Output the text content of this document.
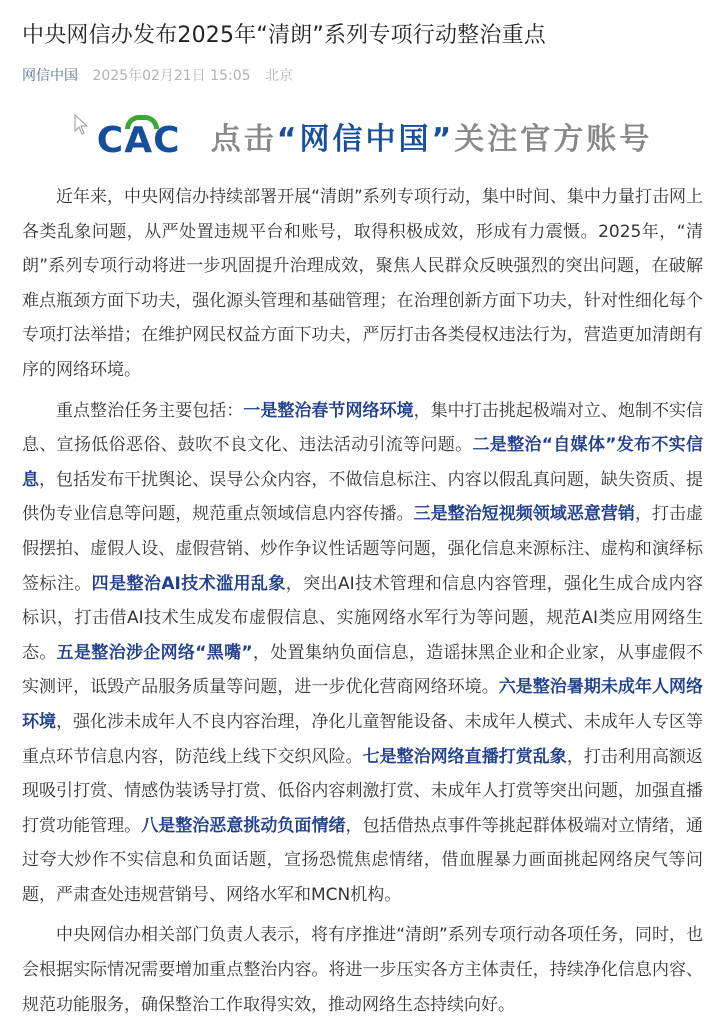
中央网信办发布2025年“清朗”系列专项行动整治重点
网信中国 2025年02月21日 15:05 北京
CAC 点击“网信中国”关注官方账号

近年来，中央网信办持续部署开展“清朗”系列专项行动，集中时间、集中力量打击网上各类乱象问题，从严处置违规平台和账号，取得积极成效，形成有力震慑。2025年，“清朗”系列专项行动将进一步巩固提升治理成效，聚焦人民群众反映强烈的突出问题，在破解难点瓶颈方面下功夫，强化源头管理和基础管理；在治理创新方面下功夫，针对性细化每个专项打法举措；在维护网民权益方面下功夫，严厉打击各类侵权违法行为，营造更加清朗有序的网络环境。

重点整治任务主要包括：一是整治春节网络环境，集中打击挑起极端对立、炮制不实信息、宣扬低俗恶俗、鼓吹不良文化、违法活动引流等问题。二是整治“自媒体”发布不实信息，包括发布干扰舆论、误导公众内容，不做信息标注、内容以假乱真问题，缺失资质、提供伪专业信息等问题，规范重点领域信息内容传播。三是整治短视频领域恶意营销，打击虚假摆拍、虚假人设、虚假营销、炒作争议性话题等问题，强化信息来源标注、虚构和演绎标签标注。四是整治AI技术滥用乱象，突出AI技术管理和信息内容管理，强化生成合成内容标识，打击借AI技术生成发布虚假信息、实施网络水军行为等问题，规范AI类应用网络生态。五是整治涉企网络“黑嘴”，处置集纳负面信息，造谣抹黑企业和企业家，从事虚假不实测评，诋毁产品服务质量等问题，进一步优化营商网络环境。六是整治暑期未成年人网络环境，强化涉未成年人不良内容治理，净化儿童智能设备、未成年人模式、未成年人专区等重点环节信息内容，防范线上线下交织风险。七是整治网络直播打赏乱象，打击利用高额返现吸引打赏、情感伪装诱导打赏、低俗内容刺激打赏、未成年人打赏等突出问题，加强直播打赏功能管理。八是整治恶意挑动负面情绪，包括借热点事件等挑起群体极端对立情绪，通过夸大炒作不实信息和负面话题，宣扬恐慌焦虑情绪，借血腥暴力画面挑起网络戾气等问题，严肃查处违规营销号、网络水军和MCN机构。

中央网信办相关部门负责人表示，将有序推进“清朗”系列专项行动各项任务，同时，也会根据实际情况需要增加重点整治内容。将进一步压实各方主体责任，持续净化信息内容、规范功能服务，确保整治工作取得实效，推动网络生态持续向好。
